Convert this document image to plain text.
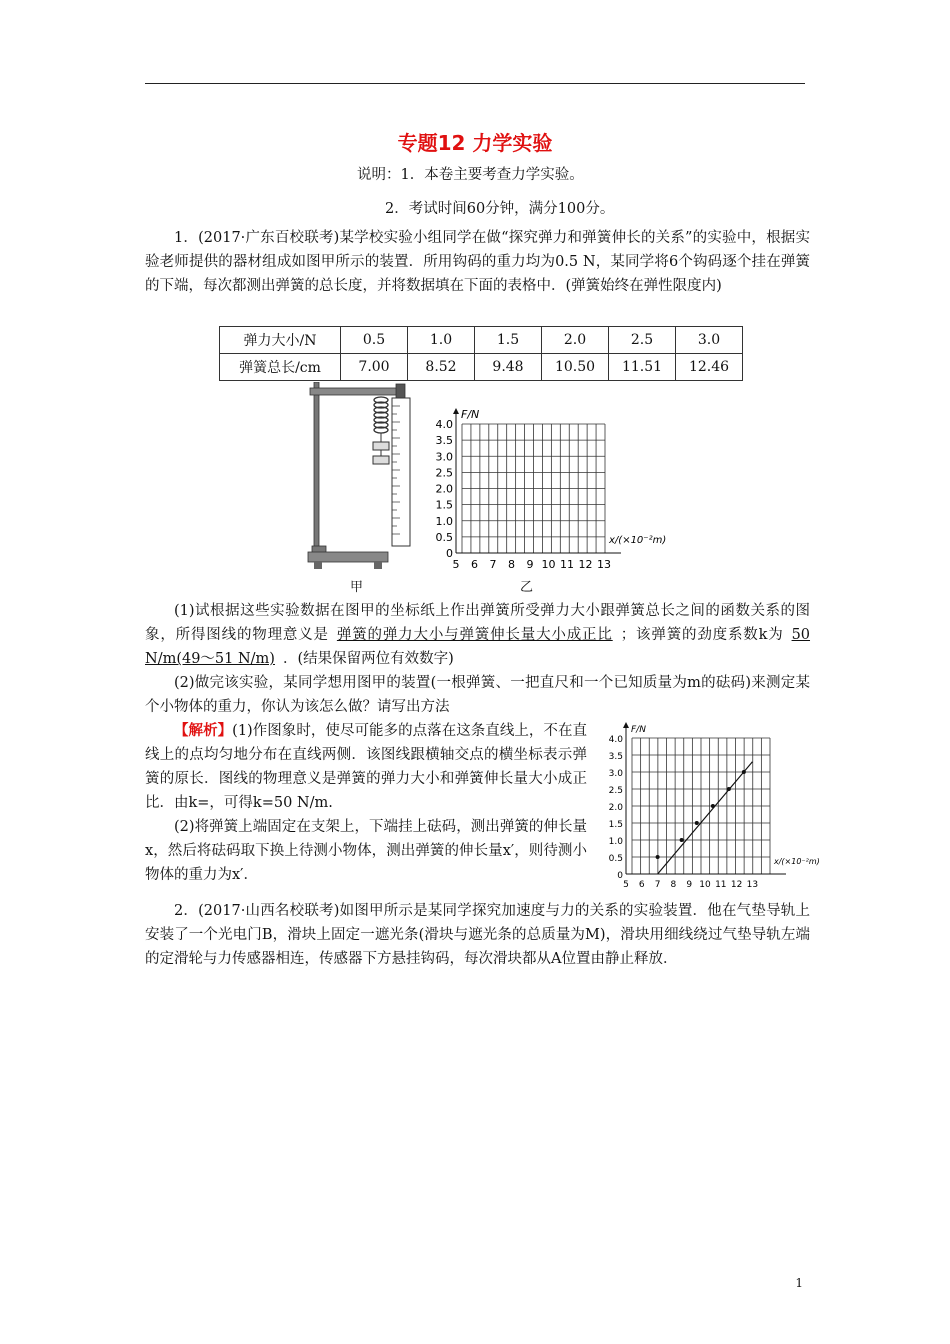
专题12 力学实验
说明：1．本卷主要考查力学实验。
2．考试时间60分钟，满分100分。
1．(2017·广东百校联考)某学校实验小组同学在做“探究弹力和弹簧伸长的关系”的实验中，根据实验老师提供的器材组成如图甲所示的装置．所用钩码的重力均为0.5 N，某同学将6个钩码逐个挂在弹簧的下端，每次都测出弹簧的总长度，并将数据填在下面的表格中．(弹簧始终在弹性限度内)
弹力大小/N	0.5	1.0	1.5	2.0	2.5	3.0
弹簧总长/cm	7.00	8.52	9.48	10.50	11.51	12.46
甲
F/N
x/(×10⁻²m)
4.0
3.5
3.0
2.5
2.0
1.5
1.0
0.5
0
5 6 7 8 9 10 11 12 13
乙
(1)试根据这些实验数据在图甲的坐标纸上作出弹簧所受弹力大小跟弹簧总长之间的函数关系的图象，所得图线的物理意义是 弹簧的弹力大小与弹簧伸长量大小成正比 ；该弹簧的劲度系数k为 50 N/m(49～51 N/m) ．(结果保留两位有效数字)
(2)做完该实验，某同学想用图甲的装置(一根弹簧、一把直尺和一个已知质量为m的砝码)来测定某个小物体的重力，你认为该怎么做？请写出方法
【解析】(1)作图象时，使尽可能多的点落在这条直线上，不在直线上的点均匀地分布在直线两侧．该图线跟横轴交点的横坐标表示弹簧的原长．图线的物理意义是弹簧的弹力大小和弹簧伸长量大小成正比．由k=，可得k=50 N/m.
(2)将弹簧上端固定在支架上，下端挂上砝码，测出弹簧的伸长量x，然后将砝码取下换上待测小物体，测出弹簧的伸长量x′，则待测小物体的重力为x′．
F/N
x/(×10⁻²m)
4.0
3.5
3.0
2.5
2.0
1.5
1.0
0.5
0
5 6 7 8 9 10 11 12 13
2．(2017·山西名校联考)如图甲所示是某同学探究加速度与力的关系的实验装置．他在气垫导轨上安装了一个光电门B，滑块上固定一遮光条(滑块与遮光条的总质量为M)，滑块用细线绕过气垫导轨左端的定滑轮与力传感器相连，传感器下方悬挂钩码，每次滑块都从A位置由静止释放．
1
